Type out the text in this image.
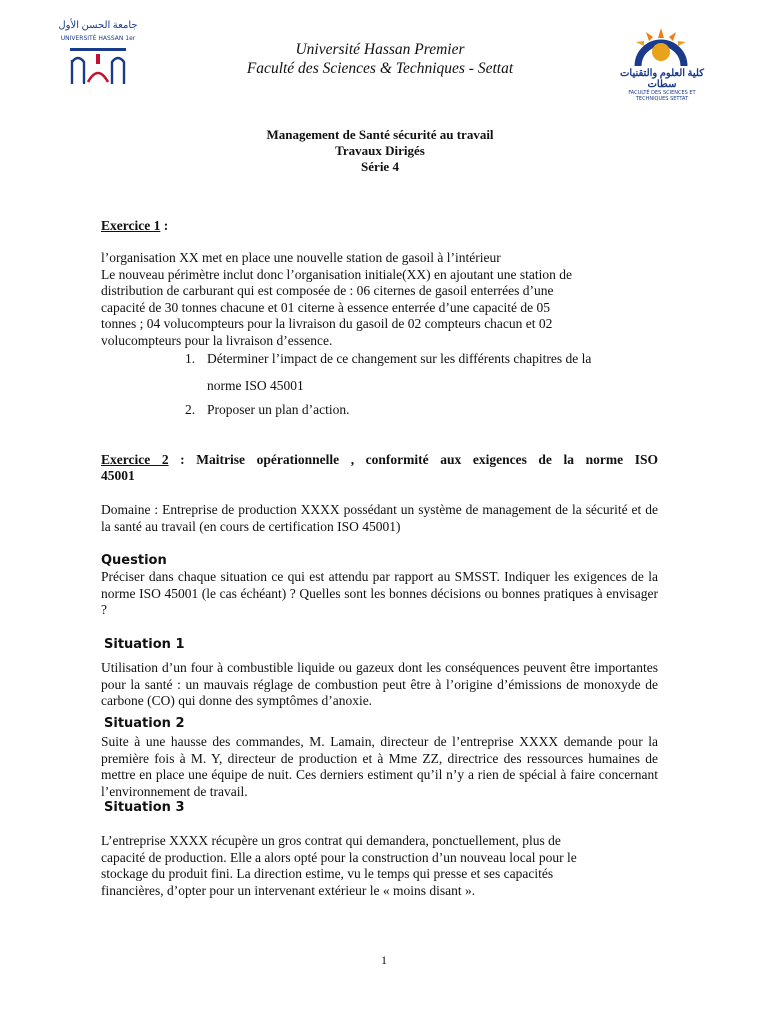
جامعة الحسن الأول
UNIVERSITÉ HASSAN 1er
Université Hassan Premier
Faculté des Sciences & Techniques - Settat	كلية العلوم والتقنيات سطات
FACULTÉ DES SCIENCES ET TECHNIQUES SETTAT
Management de Santé sécurité au travail
Travaux Dirigés
Série 4
Exercice 1 :
l’organisation XX met en place une nouvelle station de gasoil à l’intérieur
Le nouveau périmètre inclut donc l’organisation initiale(XX) en ajoutant une station de
distribution de carburant qui est composée de : 06 citernes de gasoil enterrées d’une
capacité de 30 tonnes chacune et 01 citerne à essence enterrée d’une capacité de 05
tonnes ; 04 volucompteurs pour la livraison du gasoil de 02 compteurs chacun et 02
volucompteurs pour la livraison d’essence.
1. Déterminer l’impact de ce changement sur les différents chapitres de la
norme ISO 45001
2. Proposer un plan d’action.
Exercice 2 : Maitrise opérationnelle , conformité aux exigences de la norme ISO
45001
Domaine : Entreprise de production XXXX possédant un système de management de la sécurité et de la santé au travail (en cours de certification ISO 45001)
Question
Préciser dans chaque situation ce qui est attendu par rapport au SMSST. Indiquer les exigences de la norme ISO 45001 (le cas échéant) ? Quelles sont les bonnes décisions ou bonnes pratiques à envisager ?
Situation 1
Utilisation d’un four à combustible liquide ou gazeux dont les conséquences peuvent être importantes pour la santé : un mauvais réglage de combustion peut être à l’origine d’émissions de monoxyde de carbone (CO) qui donne des symptômes d’anoxie.
Situation 2
Suite à une hausse des commandes, M. Lamain, directeur de l’entreprise XXXX demande pour la première fois à M. Y, directeur de production et à Mme ZZ, directrice des ressources humaines de mettre en place une équipe de nuit. Ces derniers estiment qu’il n’y a rien de spécial à faire concernant l’environnement de travail.
Situation 3
L’entreprise XXXX récupère un gros contrat qui demandera, ponctuellement, plus de
capacité de production. Elle a alors opté pour la construction d’un nouveau local pour le
stockage du produit fini. La direction estime, vu le temps qui presse et ses capacités
financières, d’opter pour un intervenant extérieur le « moins disant ».
1
